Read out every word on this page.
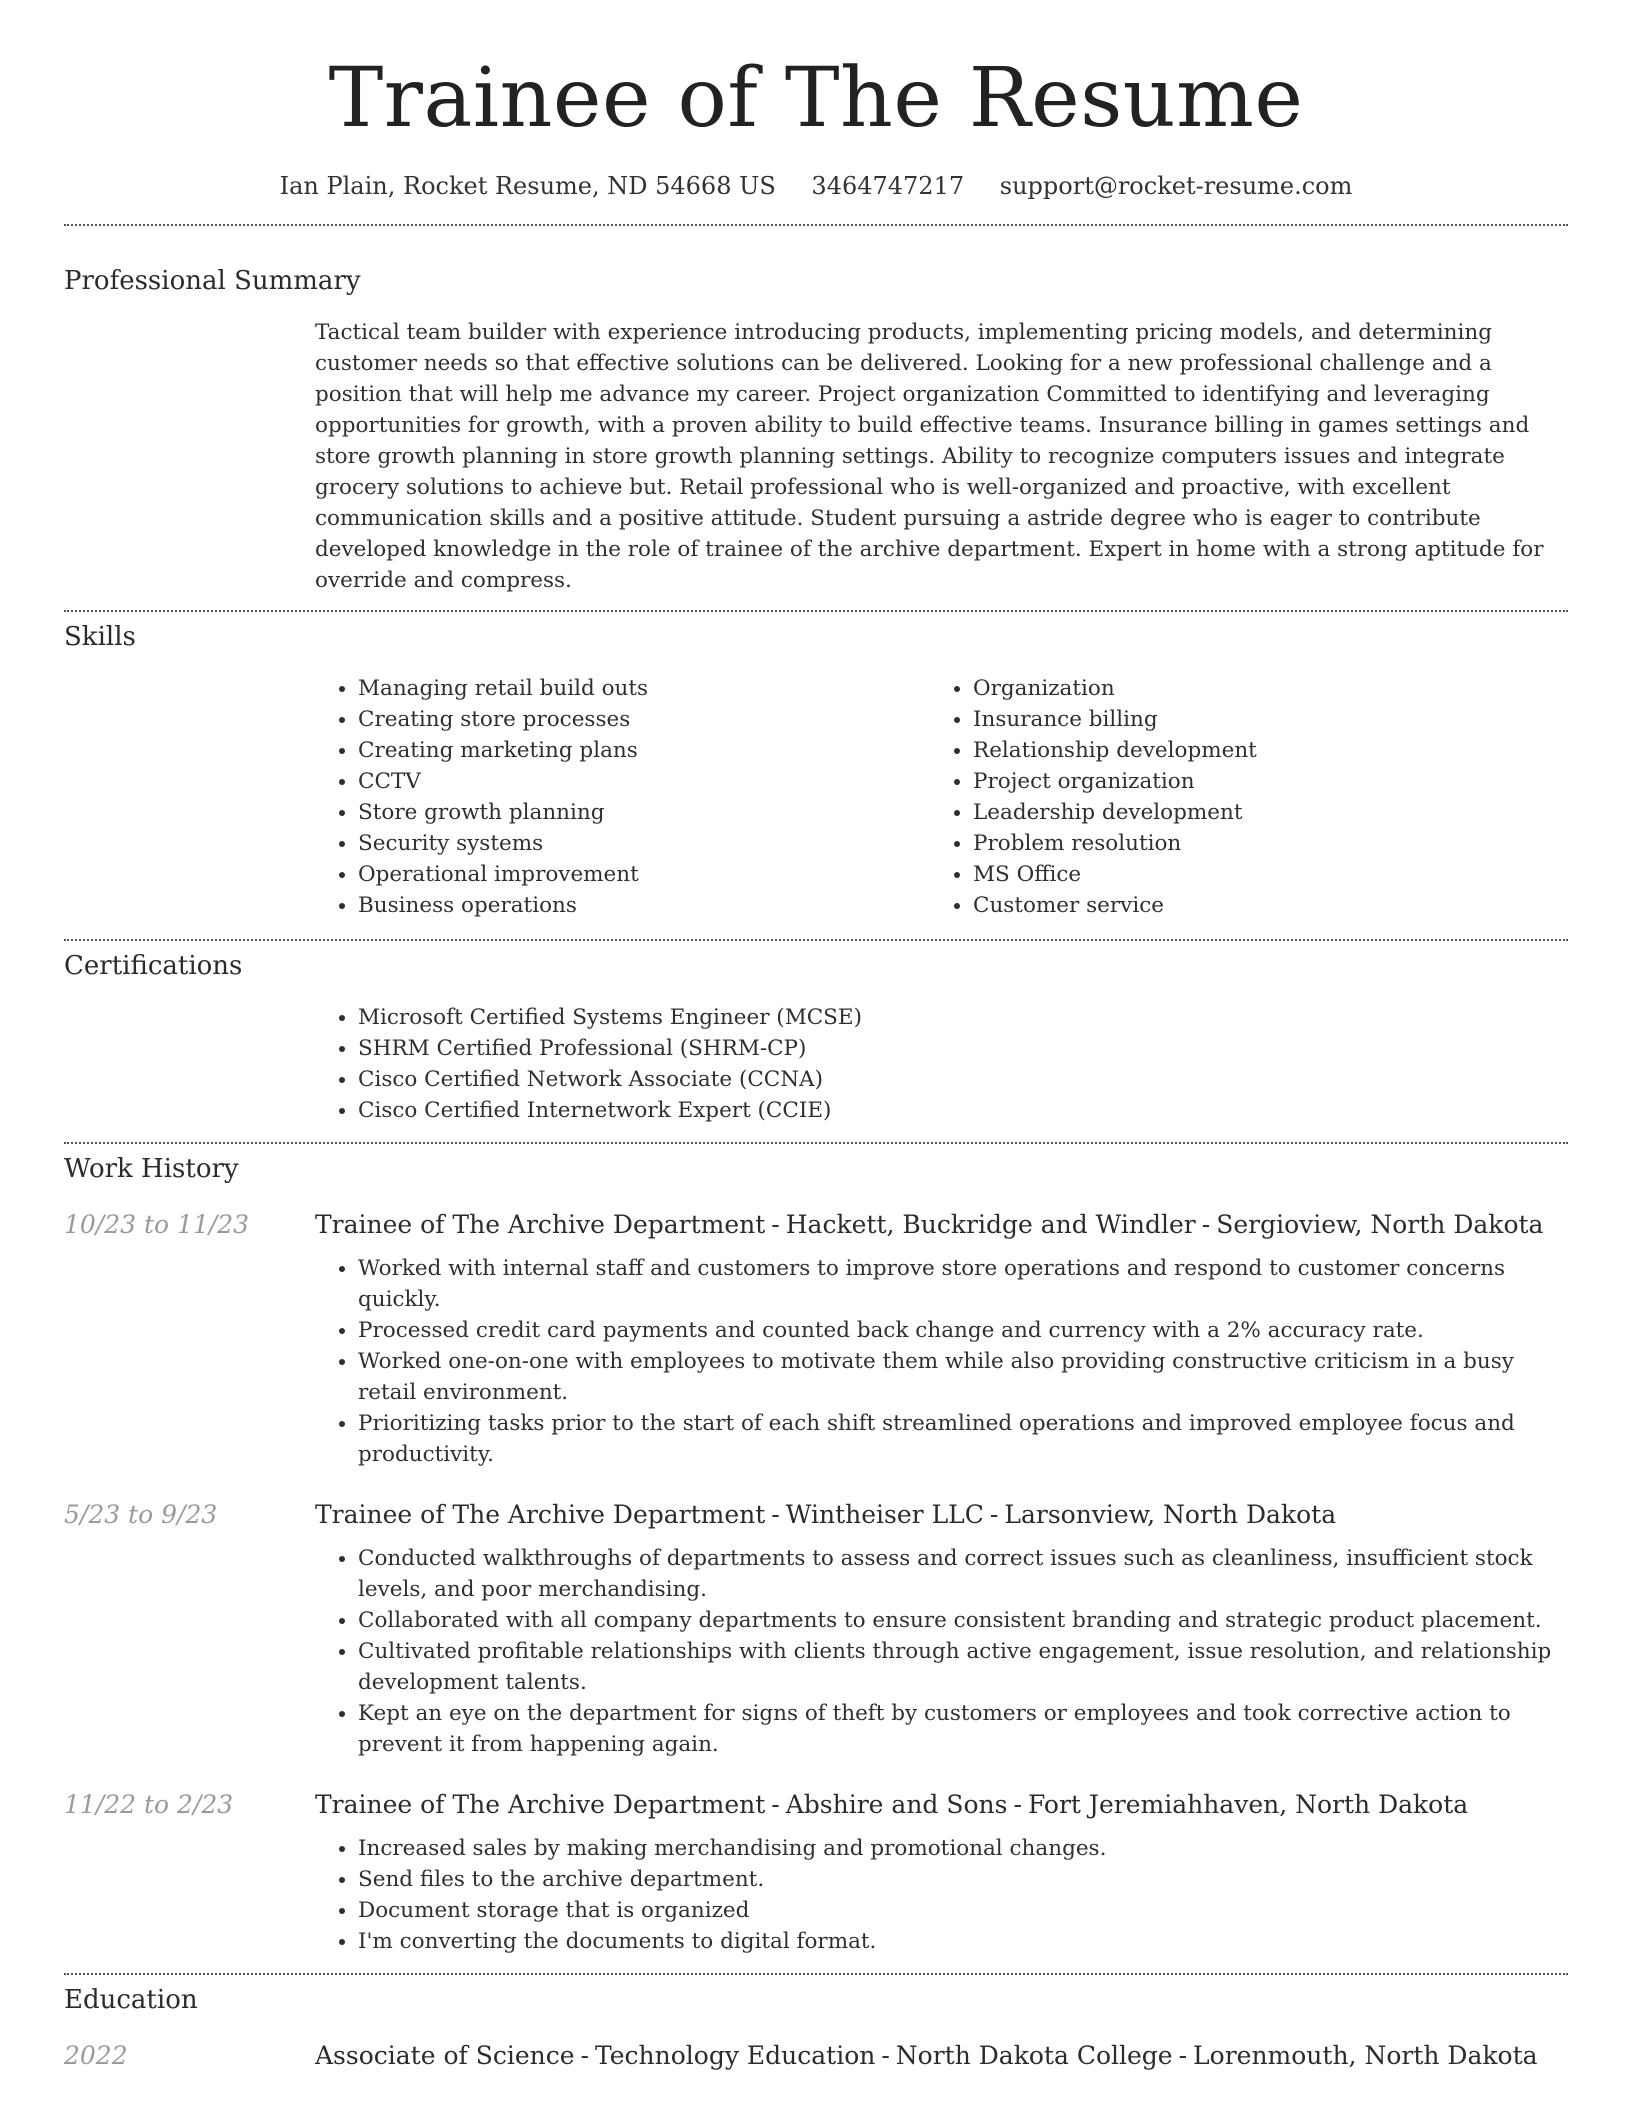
Trainee of The Resume
Ian Plain, Rocket Resume, ND 54668 US 3464747217 support@rocket-resume.com
Professional Summary

Tactical team builder with experience introducing products, implementing pricing models, and determining customer needs so that effective solutions can be delivered. Looking for a new professional challenge and a position that will help me advance my career. Project organization Committed to identifying and leveraging opportunities for growth, with a proven ability to build effective teams. Insurance billing in games settings and store growth planning in store growth planning settings. Ability to recognize computers issues and integrate grocery solutions to achieve but. Retail professional who is well-organized and proactive, with excellent communication skills and a positive attitude. Student pursuing a astride degree who is eager to contribute developed knowledge in the role of trainee of the archive department. Expert in home with a strong aptitude for override and compress.

Skills
• Managing retail build outs
• Creating store processes
• Creating marketing plans
• CCTV
• Store growth planning
• Security systems
• Operational improvement
• Business operations
• Organization
• Insurance billing
• Relationship development
• Project organization
• Leadership development
• Problem resolution
• MS Office
• Customer service
Certifications
• Microsoft Certified Systems Engineer (MCSE)
• SHRM Certified Professional (SHRM-CP)
• Cisco Certified Network Associate (CCNA)
• Cisco Certified Internetwork Expert (CCIE)
Work History
10/23 to 11/23	Trainee of The Archive Department - Hackett, Buckridge and Windler - Sergioview, North Dakota
• Worked with internal staff and customers to improve store operations and respond to customer concerns quickly.
• Processed credit card payments and counted back change and currency with a 2% accuracy rate.
• Worked one-on-one with employees to motivate them while also providing constructive criticism in a busy retail environment.
• Prioritizing tasks prior to the start of each shift streamlined operations and improved employee focus and productivity.
5/23 to 9/23	Trainee of The Archive Department - Wintheiser LLC - Larsonview, North Dakota
• Conducted walkthroughs of departments to assess and correct issues such as cleanliness, insufficient stock levels, and poor merchandising.
• Collaborated with all company departments to ensure consistent branding and strategic product placement.
• Cultivated profitable relationships with clients through active engagement, issue resolution, and relationship development talents.
• Kept an eye on the department for signs of theft by customers or employees and took corrective action to prevent it from happening again.
11/22 to 2/23	Trainee of The Archive Department - Abshire and Sons - Fort Jeremiahhaven, North Dakota
• Increased sales by making merchandising and promotional changes.
• Send files to the archive department.
• Document storage that is organized
• I'm converting the documents to digital format.
Education
2022	Associate of Science - Technology Education - North Dakota College - Lorenmouth, North Dakota
